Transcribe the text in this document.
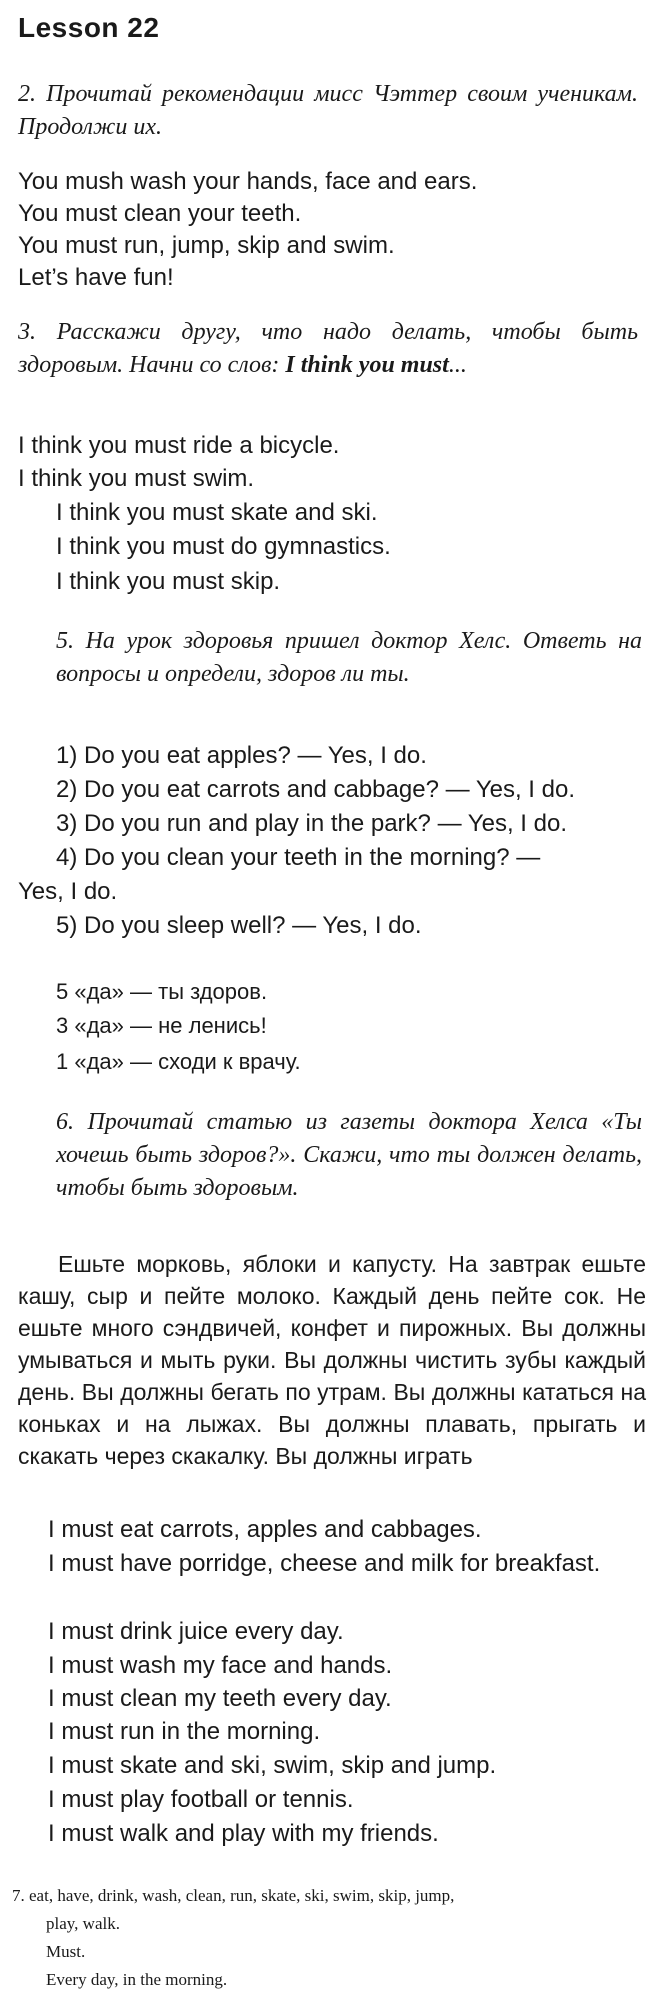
Lesson 22
2. Прочитай рекомендации мисс Чэттер своим ученикам. Продолжи их.
You mush wash your hands, face and ears.
You must clean your teeth.
You must run, jump, skip and swim.
Let’s have fun!
3. Расскажи другу, что надо делать, чтобы быть здоровым. Начни со слов: I think you must...
I think you must ride a bicycle.
I think you must swim.
I think you must skate and ski.
I think you must do gymnastics.
I think you must skip.
5. На урок здоровья пришел доктор Хелс. Ответь на вопросы и определи, здоров ли ты.
1) Do you eat apples? — Yes, I do.
2) Do you eat carrots and cabbage? — Yes, I do.
3) Do you run and play in the park? — Yes, I do.
4) Do you clean your teeth in the morning? —
Yes, I do.
5) Do you sleep well? — Yes, I do.
5 «да» — ты здоров.
3 «да» — не ленись!
1 «да» — сходи к врачу.
6. Прочитай статью из газеты доктора Хелса «Ты хочешь быть здоров?». Скажи, что ты должен делать, чтобы быть здоровым.
Ешьте морковь, яблоки и капусту. На завтрак ешьте кашу, сыр и пейте молоко. Каждый день пейте сок. Не ешьте много сэндвичей, конфет и пирожных. Вы должны умываться и мыть руки. Вы должны чистить зубы каждый день. Вы должны бегать по утрам. Вы должны кататься на коньках и на лыжах. Вы должны плавать, прыгать и скакать через скакалку. Вы должны играть
I must eat carrots, apples and cabbages.
I must have porridge, cheese and milk for breakfast.
I must drink juice every day.
I must wash my face and hands.
I must clean my teeth every day.
I must run in the morning.
I must skate and ski, swim, skip and jump.
I must play football or tennis.
I must walk and play with my friends.
7. eat, have, drink, wash, clean, run, skate, ski, swim, skip, jump,
play, walk.
Must.
Every day, in the morning.
